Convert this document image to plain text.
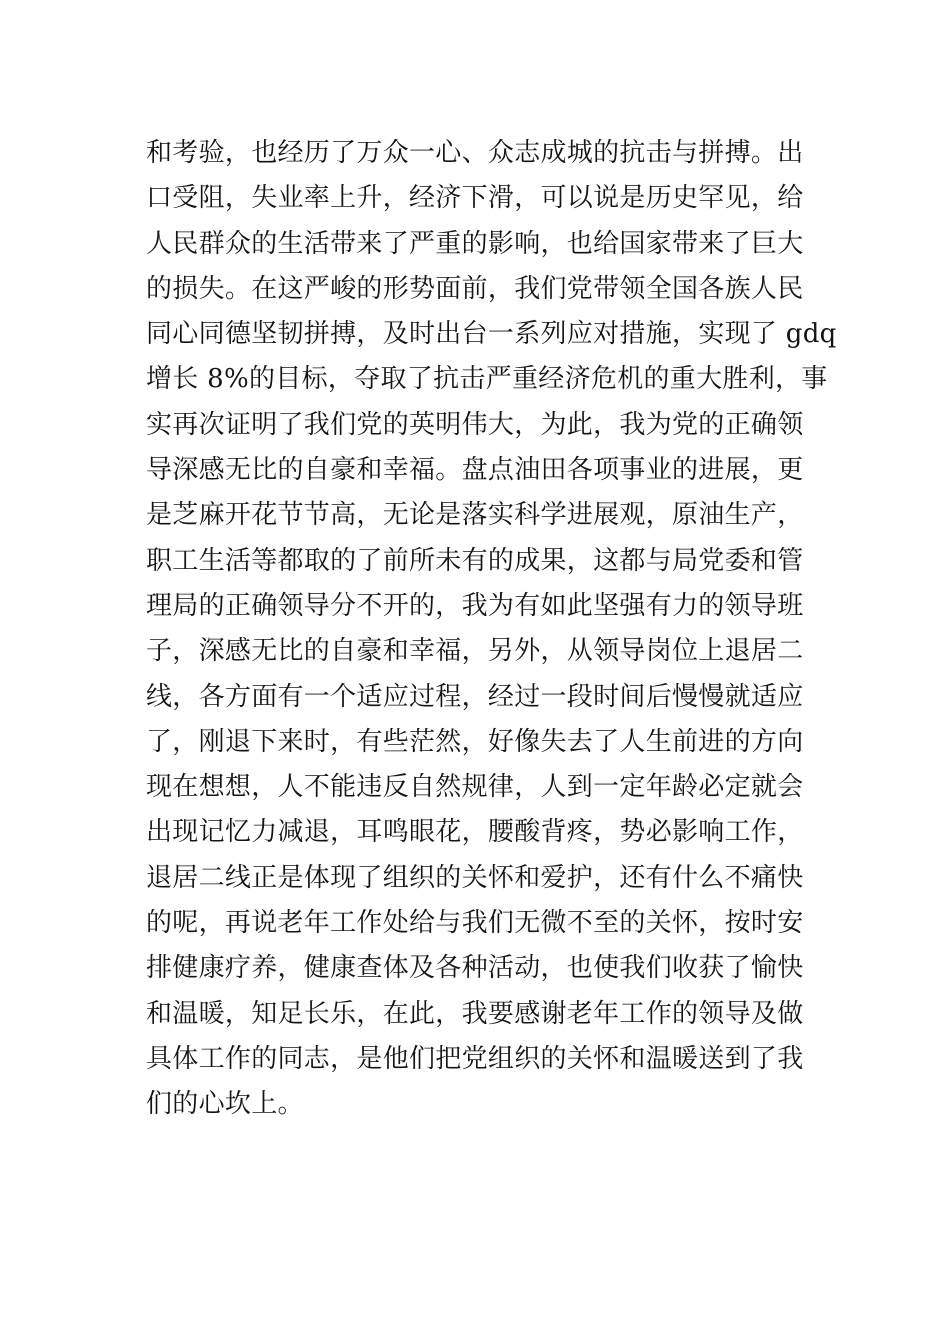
和考验，也经历了万众一心、众志成城的抗击与拼搏。出
口受阻，失业率上升，经济下滑，可以说是历史罕见，给
人民群众的生活带来了严重的影响，也给国家带来了巨大
的损失。在这严峻的形势面前，我们党带领全国各族人民
同心同德坚韧拼搏，及时出台一系列应对措施，实现了 gdq
增长 8%的目标，夺取了抗击严重经济危机的重大胜利，事
实再次证明了我们党的英明伟大，为此，我为党的正确领
导深感无比的自豪和幸福。盘点油田各项事业的进展，更
是芝麻开花节节高，无论是落实科学进展观，原油生产，
职工生活等都取的了前所未有的成果，这都与局党委和管
理局的正确领导分不开的，我为有如此坚强有力的领导班
子，深感无比的自豪和幸福，另外，从领导岗位上退居二
线，各方面有一个适应过程，经过一段时间后慢慢就适应
了，刚退下来时，有些茫然，好像失去了人生前进的方向
现在想想，人不能违反自然规律，人到一定年龄必定就会
出现记忆力减退，耳鸣眼花，腰酸背疼，势必影响工作，
退居二线正是体现了组织的关怀和爱护，还有什么不痛快
的呢，再说老年工作处给与我们无微不至的关怀，按时安
排健康疗养，健康查体及各种活动，也使我们收获了愉快
和温暖，知足长乐，在此，我要感谢老年工作的领导及做
具体工作的同志，是他们把党组织的关怀和温暖送到了我
们的心坎上。
